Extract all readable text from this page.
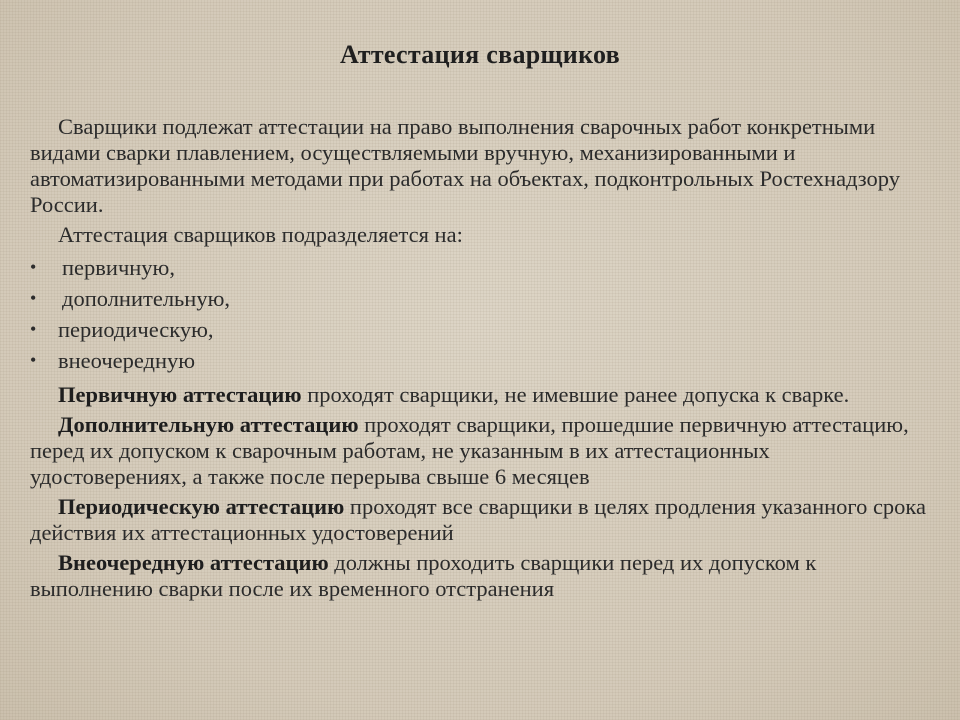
Аттестация сварщиков

Сварщики подлежат аттестации на право выполнения сварочных работ конкретными видами сварки плавлением, осуществляемыми вручную, механизированными и автоматизированными методами при работах на объектах, подконтрольных Ростехнадзору России.

Аттестация сварщиков подразделяется на:

• первичную,
• дополнительную,
• периодическую,
• внеочередную

Первичную аттестацию проходят сварщики, не имевшие ранее допуска к сварке.

Дополнительную аттестацию проходят сварщики, прошедшие первичную аттестацию, перед их допуском к сварочным работам, не указанным в их аттестационных удостоверениях, а также после перерыва свыше 6 месяцев

Периодическую аттестацию проходят все сварщики в целях продления указанного срока действия их аттестационных удостоверений

Внеочередную аттестацию должны проходить сварщики перед их допуском к выполнению сварки после их временного отстранения
